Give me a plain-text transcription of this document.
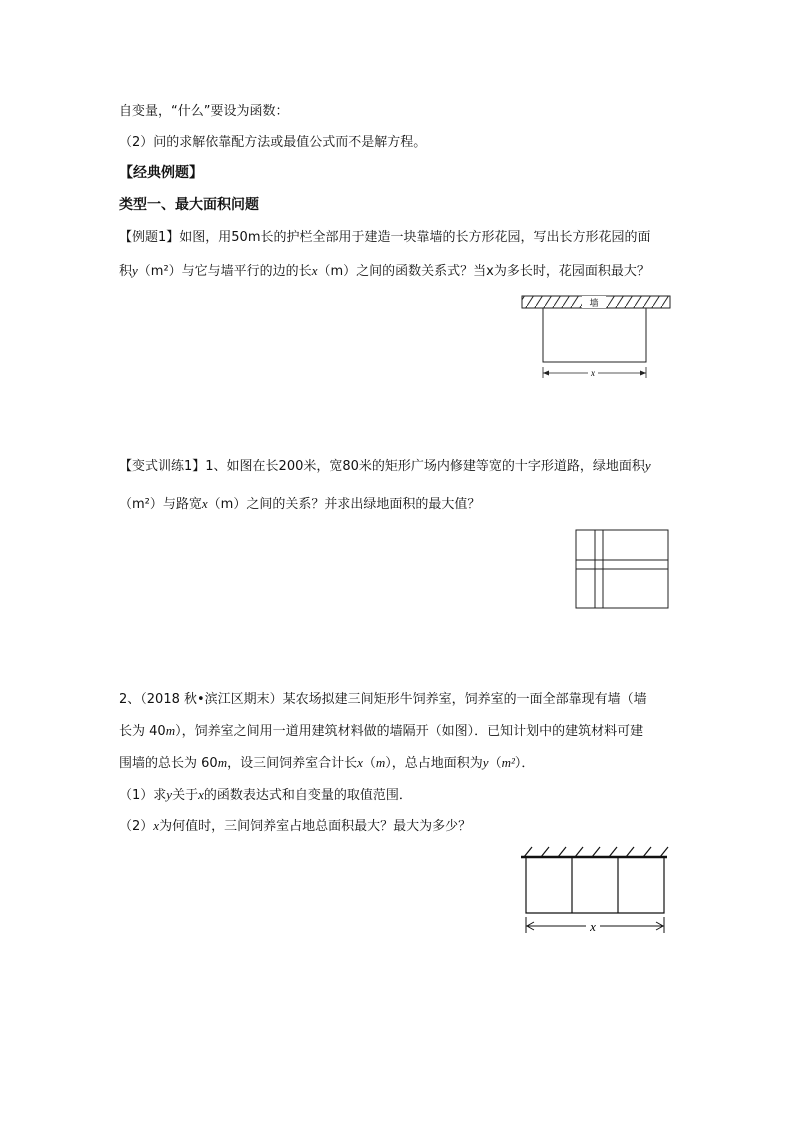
自变量，“什么”要设为函数：
（2）问的求解依靠配方法或最值公式而不是解方程。
【经典例题】
类型一、最大面积问题
【例题1】如图，用50m长的护栏全部用于建造一块靠墙的长方形花园，写出长方形花园的面
积y（m²）与它与墙平行的边的长x（m）之间的函数关系式？当x为多长时，花园面积最大？
墙
x
【变式训练1】1、如图在长200米，宽80米的矩形广场内修建等宽的十字形道路，绿地面积y
（m²）与路宽x（m）之间的关系？并求出绿地面积的最大值？
2、（2018 秋•滨江区期末）某农场拟建三间矩形牛饲养室，饲养室的一面全部靠现有墙（墙
长为 40m），饲养室之间用一道用建筑材料做的墙隔开（如图）．已知计划中的建筑材料可建
围墙的总长为 60m，设三间饲养室合计长x（m），总占地面积为y（m²）．
（1）求y关于x的函数表达式和自变量的取值范围．
（2）x为何值时，三间饲养室占地总面积最大？最大为多少？
x
